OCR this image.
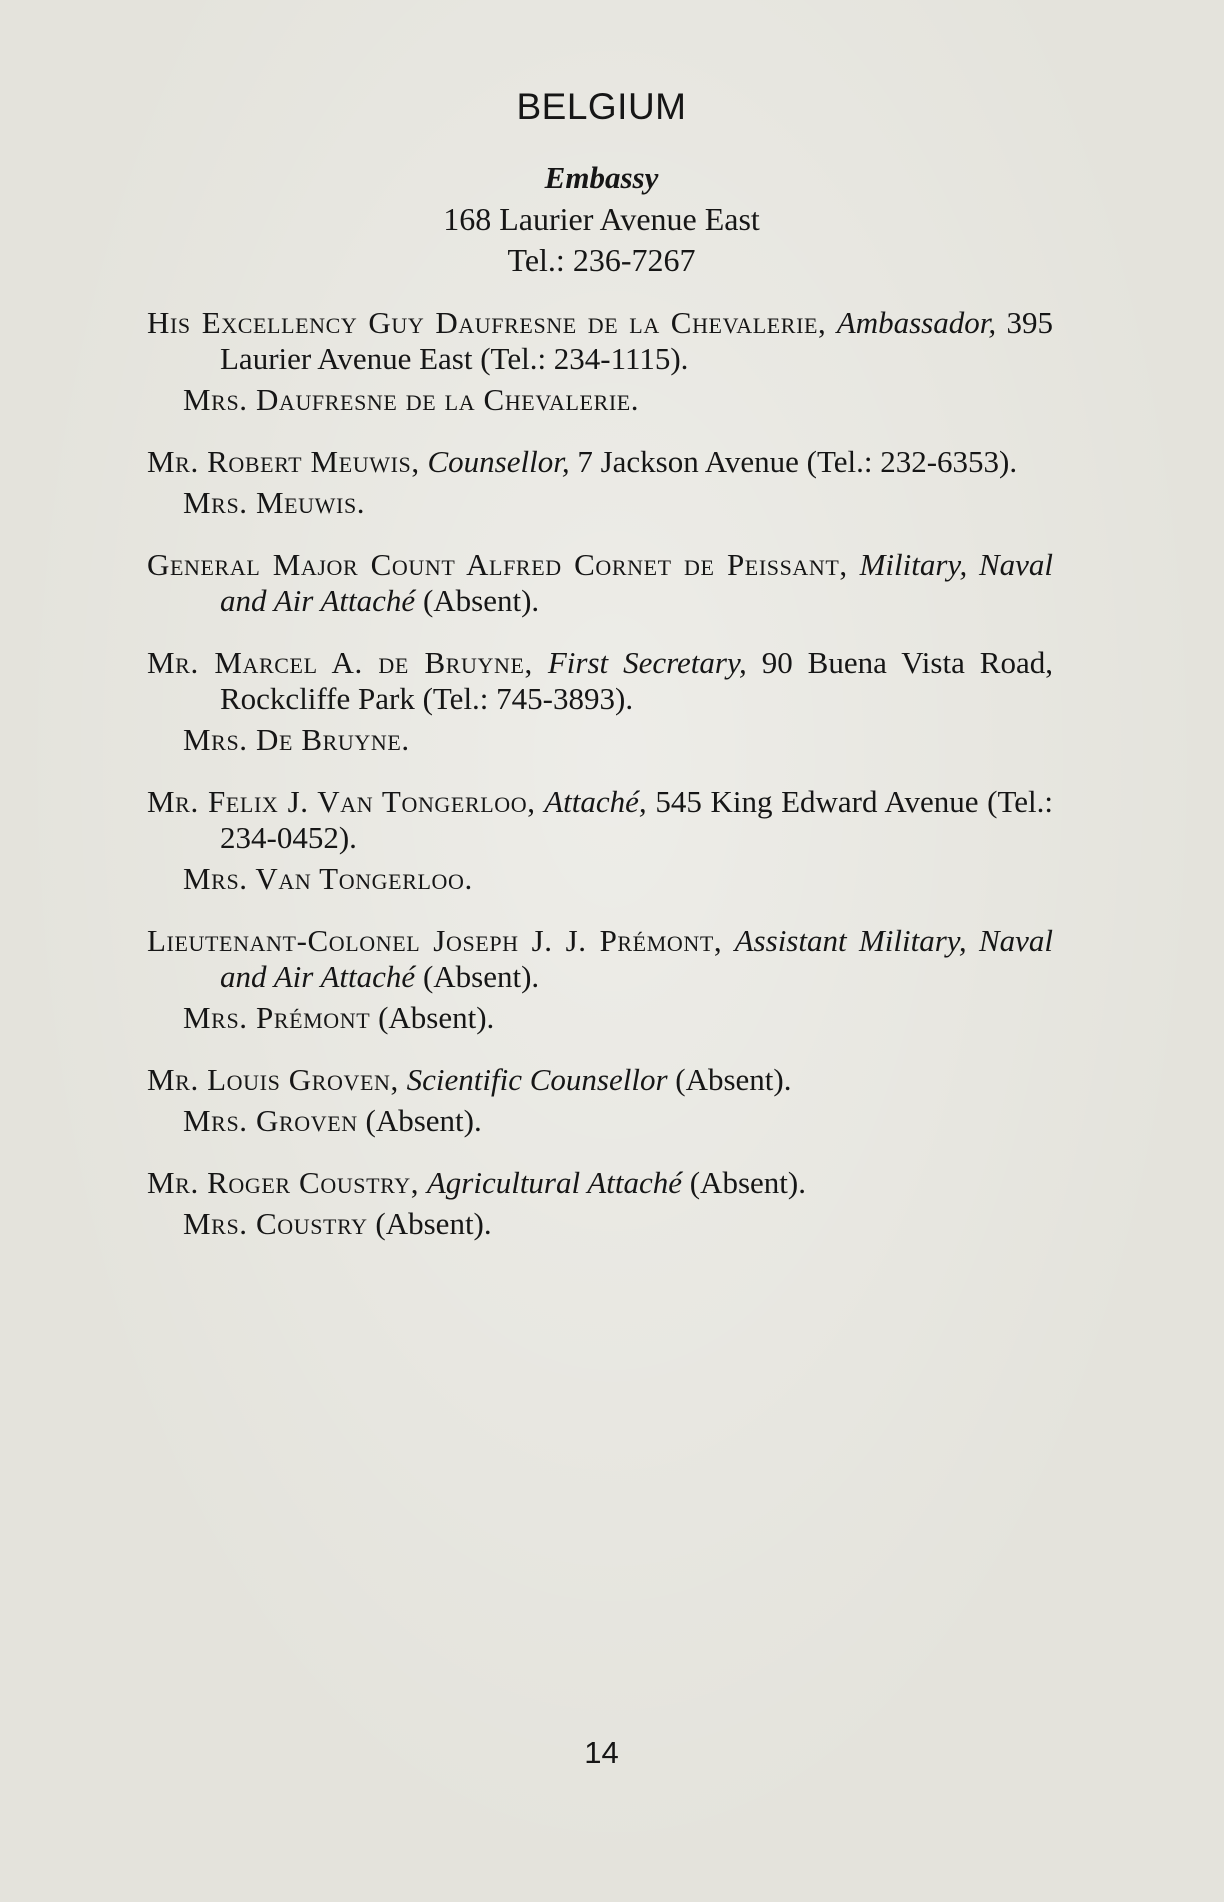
BELGIUM
Embassy
168 Laurier Avenue East
Tel.: 236-7267
His Excellency Guy Daufresne de la Chevalerie, Ambassador, 395 Laurier Avenue East (Tel.: 234-1115).
Mrs. Daufresne de la Chevalerie.
Mr. Robert Meuwis, Counsellor, 7 Jackson Avenue (Tel.: 232-6353).
Mrs. Meuwis.
General Major Count Alfred Cornet de Peissant, Military, Naval and Air Attaché (Absent).
Mr. Marcel A. de Bruyne, First Secretary, 90 Buena Vista Road, Rockcliffe Park (Tel.: 745-3893).
Mrs. De Bruyne.
Mr. Felix J. Van Tongerloo, Attaché, 545 King Edward Avenue (Tel.: 234-0452).
Mrs. Van Tongerloo.
Lieutenant-Colonel Joseph J. J. Prémont, Assistant Military, Naval and Air Attaché (Absent).
Mrs. Prémont (Absent).
Mr. Louis Groven, Scientific Counsellor (Absent).
Mrs. Groven (Absent).
Mr. Roger Coustry, Agricultural Attaché (Absent).
Mrs. Coustry (Absent).
14
